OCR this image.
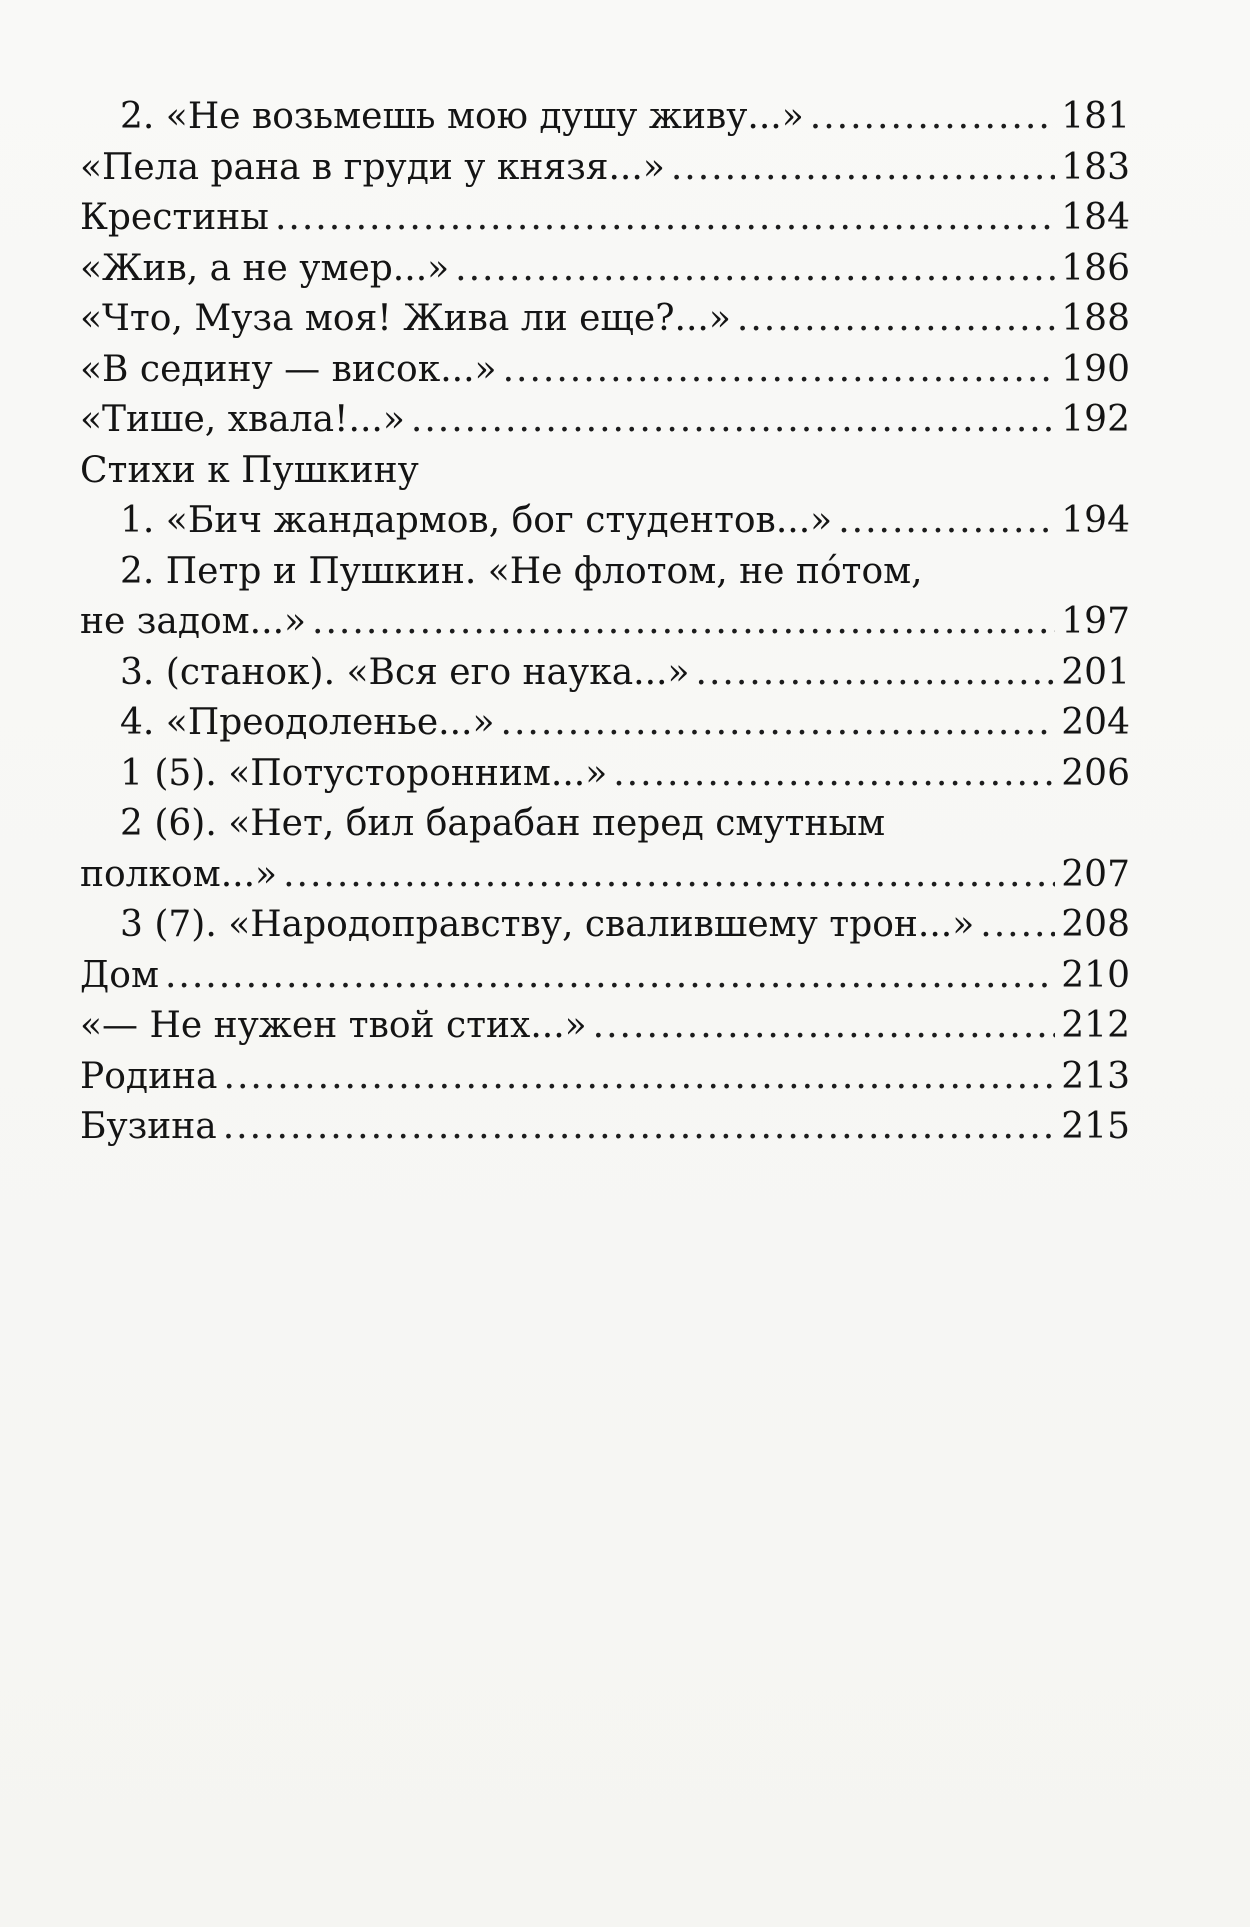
2. «Не возьмешь мою душу живу...» .....	181
«Пела рана в груди у князя...» .....	183
Крестины .....	184
«Жив, а не умер...» .....	186
«Что, Муза моя! Жива ли еще?...» .....	188
«В седину — висок...» .....	190
«Тише, хвала!...» .....	192
Стихи к Пушкину
1. «Бич жандармов, бог студентов...» .....	194
2. Петр и Пушкин. «Не флотом, не по́том,
не задом...» .....	197
3. (станок). «Вся его наука...» .....	201
4. «Преодоленье...» .....	204
1 (5). «Потусторонним...» .....	206
2 (6). «Нет, бил барабан перед смутным
полком...» .....	207
3 (7). «Народоправству, свалившему трон...» ..... 208
Дом .....	210
«— Не нужен твой стих...» .....	212
Родина .....	213
Бузина .....	215
